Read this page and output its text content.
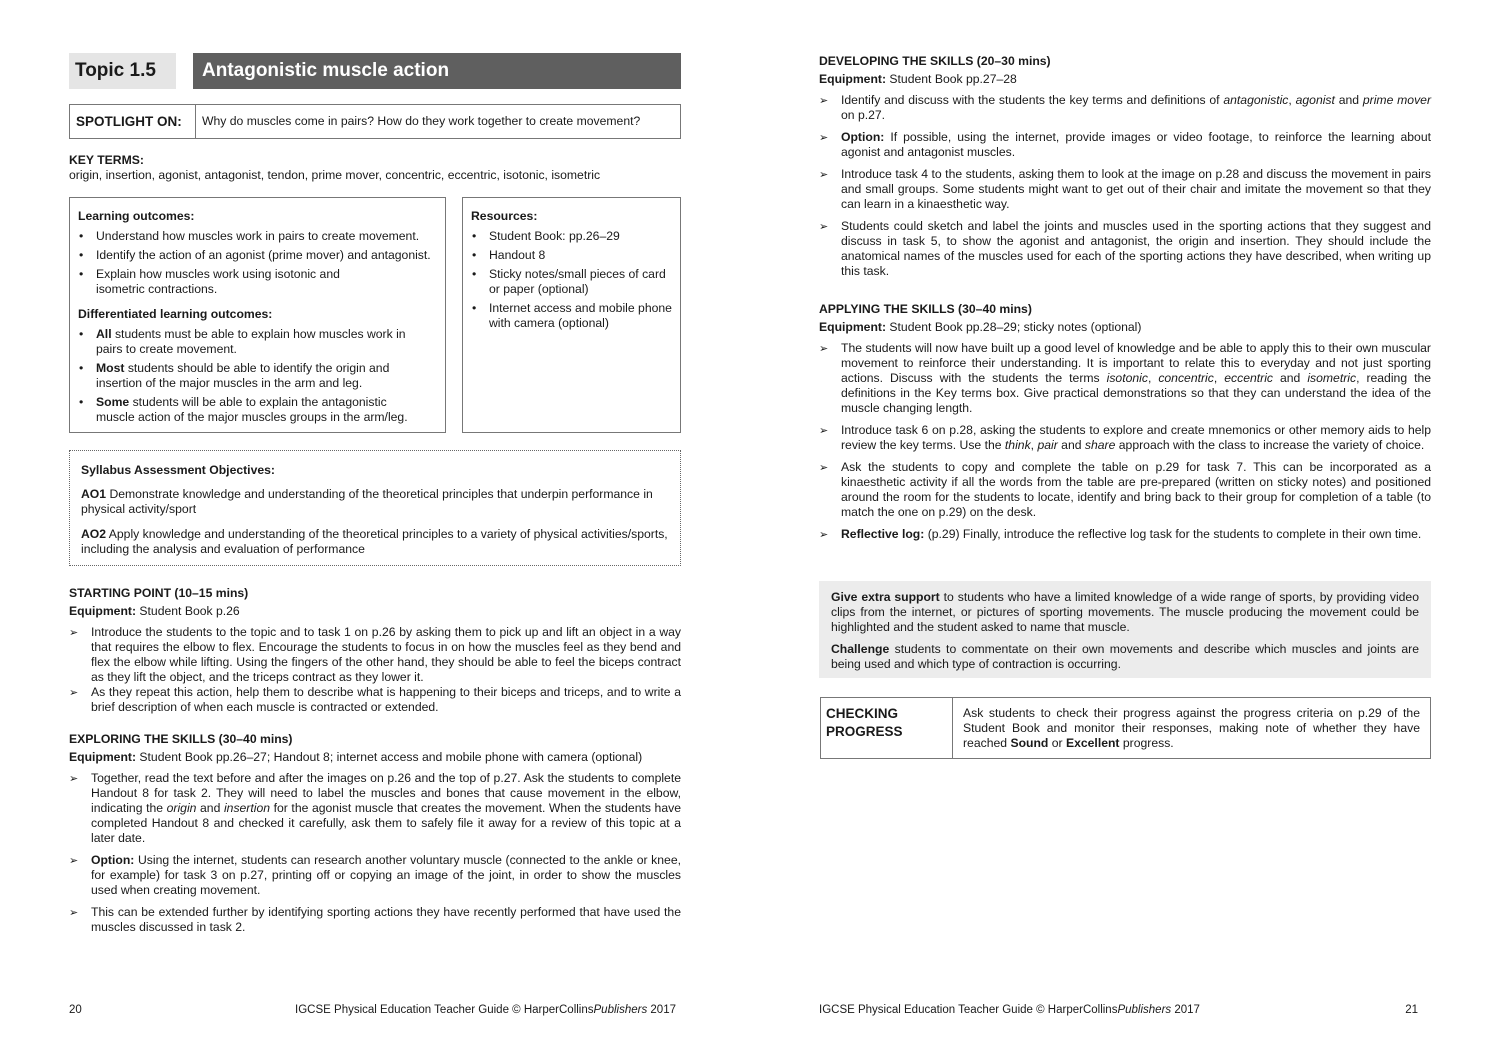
Topic 1.5	Antagonistic muscle action
SPOTLIGHT ON:	Why do muscles come in pairs? How do they work together to create movement?
KEY TERMS:
origin, insertion, agonist, antagonist, tendon, prime mover, concentric, eccentric, isotonic, isometric
Learning outcomes:
• Understand how muscles work in pairs to create movement.
• Identify the action of an agonist (prime mover) and antagonist.
• Explain how muscles work using isotonic and isometric contractions.
Differentiated learning outcomes:
• All students must be able to explain how muscles work in pairs to create movement.
• Most students should be able to identify the origin and insertion of the major muscles in the arm and leg.
• Some students will be able to explain the antagonistic muscle action of the major muscles groups in the arm/leg.
Resources:
• Student Book: pp.26–29
• Handout 8
• Sticky notes/small pieces of card or paper (optional)
• Internet access and mobile phone with camera (optional)
Syllabus Assessment Objectives:
AO1 Demonstrate knowledge and understanding of the theoretical principles that underpin performance in physical activity/sport
AO2 Apply knowledge and understanding of the theoretical principles to a variety of physical activities/sports, including the analysis and evaluation of performance
STARTING POINT (10–15 mins)
Equipment: Student Book p.26
➢ Introduce the students to the topic and to task 1 on p.26 by asking them to pick up and lift an object in a way that requires the elbow to flex. Encourage the students to focus in on how the muscles feel as they bend and flex the elbow while lifting. Using the fingers of the other hand, they should be able to feel the biceps contract as they lift the object, and the triceps contract as they lower it.
➢ As they repeat this action, help them to describe what is happening to their biceps and triceps, and to write a brief description of when each muscle is contracted or extended.
EXPLORING THE SKILLS (30–40 mins)
Equipment: Student Book pp.26–27; Handout 8; internet access and mobile phone with camera (optional)
➢ Together, read the text before and after the images on p.26 and the top of p.27. Ask the students to complete Handout 8 for task 2. They will need to label the muscles and bones that cause movement in the elbow, indicating the origin and insertion for the agonist muscle that creates the movement. When the students have completed Handout 8 and checked it carefully, ask them to safely file it away for a review of this topic at a later date.
➢ Option: Using the internet, students can research another voluntary muscle (connected to the ankle or knee, for example) for task 3 on p.27, printing off or copying an image of the joint, in order to show the muscles used when creating movement.
➢ This can be extended further by identifying sporting actions they have recently performed that have used the muscles discussed in task 2.
20	IGCSE Physical Education Teacher Guide © HarperCollinsPublishers 2017
DEVELOPING THE SKILLS (20–30 mins)
Equipment: Student Book pp.27–28
➢ Identify and discuss with the students the key terms and definitions of antagonistic, agonist and prime mover on p.27.
➢ Option: If possible, using the internet, provide images or video footage, to reinforce the learning about agonist and antagonist muscles.
➢ Introduce task 4 to the students, asking them to look at the image on p.28 and discuss the movement in pairs and small groups. Some students might want to get out of their chair and imitate the movement so that they can learn in a kinaesthetic way.
➢ Students could sketch and label the joints and muscles used in the sporting actions that they suggest and discuss in task 5, to show the agonist and antagonist, the origin and insertion. They should include the anatomical names of the muscles used for each of the sporting actions they have described, when writing up this task.
APPLYING THE SKILLS (30–40 mins)
Equipment: Student Book pp.28–29; sticky notes (optional)
➢ The students will now have built up a good level of knowledge and be able to apply this to their own muscular movement to reinforce their understanding. It is important to relate this to everyday and not just sporting actions. Discuss with the students the terms isotonic, concentric, eccentric and isometric, reading the definitions in the Key terms box. Give practical demonstrations so that they can understand the idea of the muscle changing length.
➢ Introduce task 6 on p.28, asking the students to explore and create mnemonics or other memory aids to help review the key terms. Use the think, pair and share approach with the class to increase the variety of choice.
➢ Ask the students to copy and complete the table on p.29 for task 7. This can be incorporated as a kinaesthetic activity if all the words from the table are pre-prepared (written on sticky notes) and positioned around the room for the students to locate, identify and bring back to their group for completion of a table (to match the one on p.29) on the desk.
➢ Reflective log: (p.29) Finally, introduce the reflective log task for the students to complete in their own time.
Give extra support to students who have a limited knowledge of a wide range of sports, by providing video clips from the internet, or pictures of sporting movements. The muscle producing the movement could be highlighted and the student asked to name that muscle.
Challenge students to commentate on their own movements and describe which muscles and joints are being used and which type of contraction is occurring.
CHECKING PROGRESS
Ask students to check their progress against the progress criteria on p.29 of the Student Book and monitor their responses, making note of whether they have reached Sound or Excellent progress.
IGCSE Physical Education Teacher Guide © HarperCollinsPublishers 2017	21
